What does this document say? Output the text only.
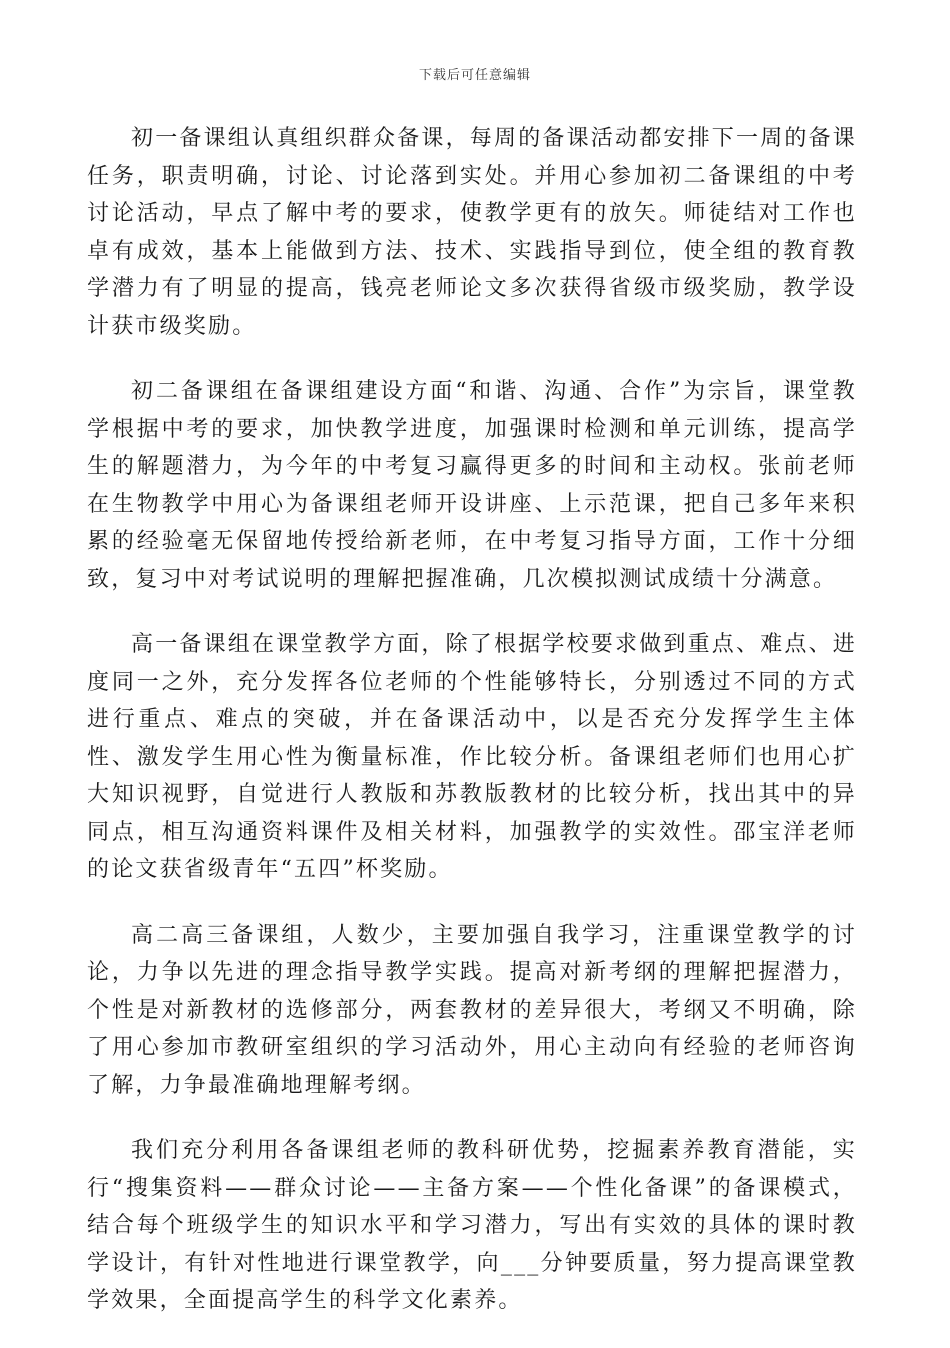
下载后可任意编辑

初一备课组认真组织群众备课，每周的备课活动都安排下一周的备课任务，职责明确，讨论、讨论落到实处。并用心参加初二备课组的中考讨论活动，早点了解中考的要求，使教学更有的放矢。师徒结对工作也卓有成效，基本上能做到方法、技术、实践指导到位，使全组的教育教学潜力有了明显的提高，钱亮老师论文多次获得省级市级奖励，教学设计获市级奖励。

初二备课组在备课组建设方面“和谐、沟通、合作”为宗旨，课堂教学根据中考的要求，加快教学进度，加强课时检测和单元训练，提高学生的解题潜力，为今年的中考复习赢得更多的时间和主动权。张前老师在生物教学中用心为备课组老师开设讲座、上示范课，把自己多年来积累的经验毫无保留地传授给新老师，在中考复习指导方面，工作十分细致，复习中对考试说明的理解把握准确，几次模拟测试成绩十分满意。

高一备课组在课堂教学方面，除了根据学校要求做到重点、难点、进度同一之外，充分发挥各位老师的个性能够特长，分别透过不同的方式进行重点、难点的突破，并在备课活动中，以是否充分发挥学生主体性、激发学生用心性为衡量标准，作比较分析。备课组老师们也用心扩大知识视野，自觉进行人教版和苏教版教材的比较分析，找出其中的异同点，相互沟通资料课件及相关材料，加强教学的实效性。邵宝洋老师的论文获省级青年“五四”杯奖励。

高二高三备课组，人数少，主要加强自我学习，注重课堂教学的讨论，力争以先进的理念指导教学实践。提高对新考纲的理解把握潜力，个性是对新教材的选修部分，两套教材的差异很大，考纲又不明确，除了用心参加市教研室组织的学习活动外，用心主动向有经验的老师咨询了解，力争最准确地理解考纲。

我们充分利用各备课组老师的教科研优势，挖掘素养教育潜能，实行“搜集资料——群众讨论——主备方案——个性化备课”的备课模式，结合每个班级学生的知识水平和学习潜力，写出有实效的具体的课时教学设计，有针对性地进行课堂教学，向___分钟要质量，努力提高课堂教学效果，全面提高学生的科学文化素养。
